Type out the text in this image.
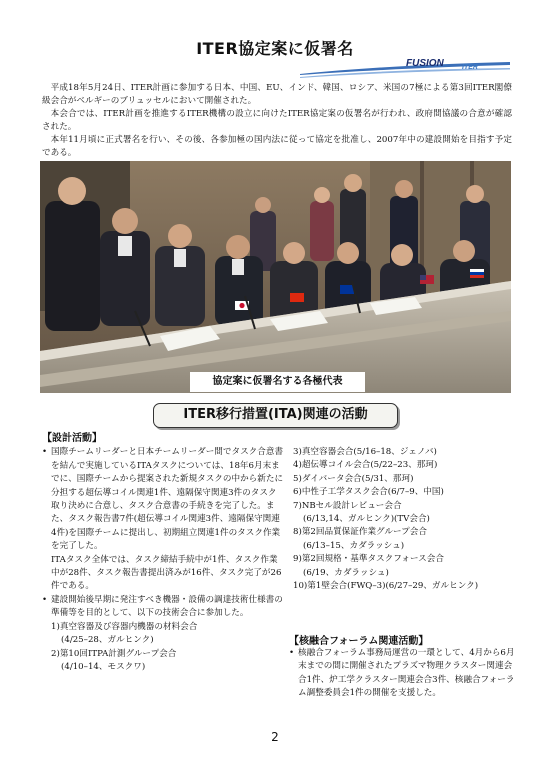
ITER協定案に仮署名
FUSION	ITER

平成18年5月24日、ITER計画に参加する日本、中国、EU、インド、韓国、ロシア、米国の7極による第3回ITER閣僚級会合がベルギーのブリュッセルにおいて開催された。

本会合では、ITER計画を推進するITER機構の設立に向けたITER協定案の仮署名が行われ、政府間協議の合意が確認された。

本年11月頃に正式署名を行い、その後、各参加極の国内法に従って協定を批准し、2007年中の建設開始を目指す予定である。

協定案に仮署名する各極代表
ITER移行措置(ITA)関連の活動
【設計活動】
• 国際チームリーダーと日本チームリーダー間でタスク合意書を結んで実施しているITAタスクについては、18年6月末までに、国際チームから提案された新規タスクの中から新たに分担する超伝導コイル関連1件、遠隔保守関連3件のタスク取り決めに合意し、タスク合意書の手続きを完了した。また、タスク報告書7件(超伝導コイル関連3件、遠隔保守関連4件)を国際チームに提出し、初期組立関連1件のタスク作業を完了した。
ITAタスク全体では、タスク締結手続中が1件、タスク作業中が28件、タスク報告書提出済みが16件、タスク完了が26件である。
• 建設開始後早期に発注すべき機器・設備の調達技術仕様書の準備等を目的として、以下の技術会合に参加した。
1)真空容器及び容器内機器の材料会合
(4/25–28、ガルヒンク)
2)第10回ITPA計測グループ会合
(4/10–14、モスクワ)
3)真空容器会合(5/16–18、ジェノバ)
4)超伝導コイル会合(5/22–23、那珂)
5)ダイバータ会合(5/31、那珂)
6)中性子工学タスク会合(6/7–9、中国)
7)NBセル設計レビュー会合
(6/13,14、ガルヒンク)(TV会合)
8)第2回品質保証作業グループ会合
(6/13–15、カダラッシュ)
9)第2回規格・基準タスクフォース会合
(6/19、カダラッシュ)
10)第1壁会合(FWQ–3)(6/27–29、ガルヒンク)
【核融合フォーラム関連活動】
• 核融合フォーラム事務局運営の一環として、4月から6月末までの間に開催されたプラズマ物理クラスター関連会合1件、炉工学クラスター関連会合3件、核融合フォーラム調整委員会1件の開催を支援した。
2
